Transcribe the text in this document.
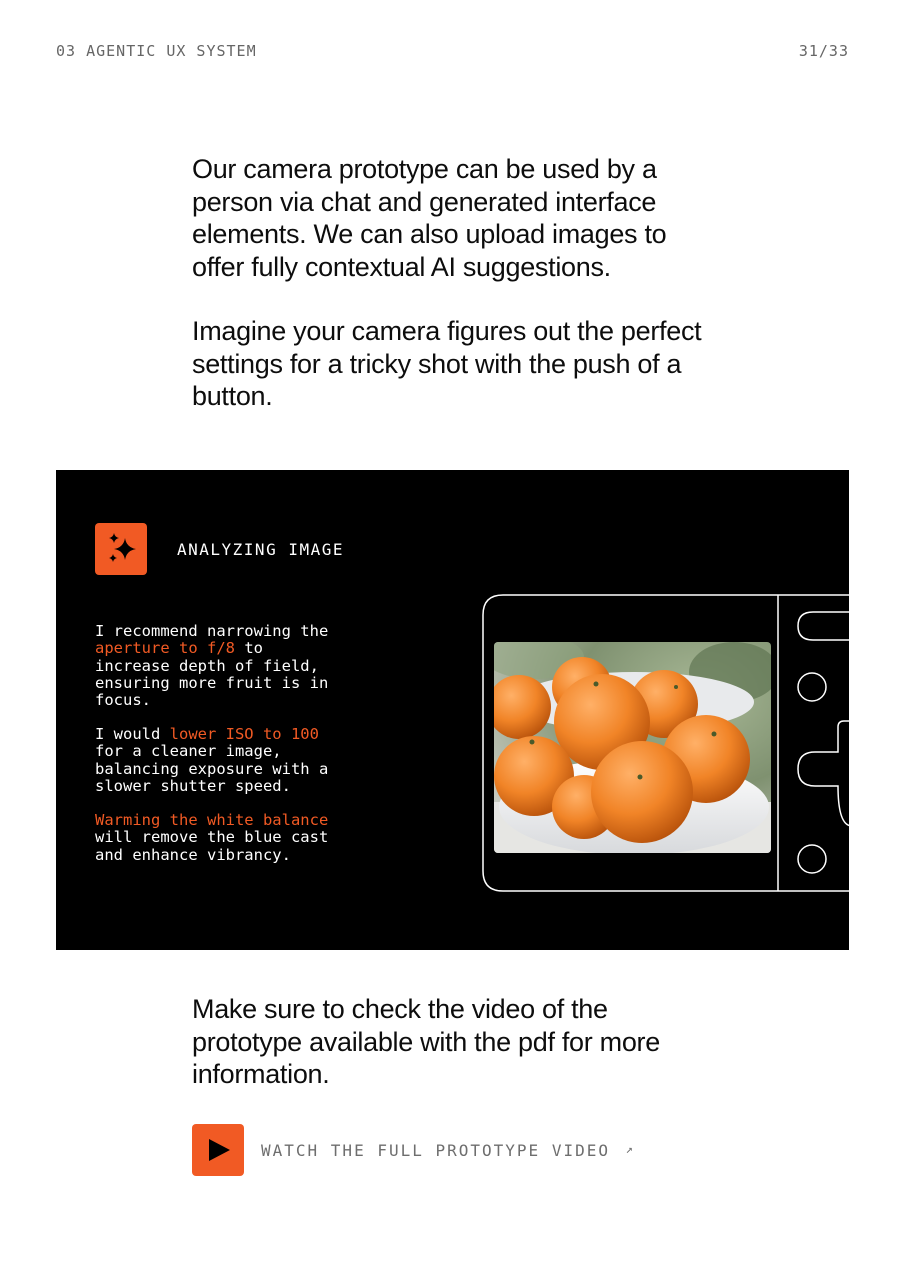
03 AGENTIC UX SYSTEM	31/33

Our camera prototype can be used by a person via chat and generated interface elements. We can also upload images to offer fully contextual AI suggestions.

Imagine your camera figures out the perfect settings for a tricky shot with the push of a button.

ANALYZING IMAGE
I recommend narrowing the
aperture to f/8 to
increase depth of field,
ensuring more fruit is in
focus.
I would lower ISO to 100
for a cleaner image,
balancing exposure with a
slower shutter speed.
Warming the white balance
will remove the blue cast
and enhance vibrancy.

Make sure to check the video of the prototype available with the pdf for more information.

WATCH THE FULL PROTOTYPE VIDEO ↗
